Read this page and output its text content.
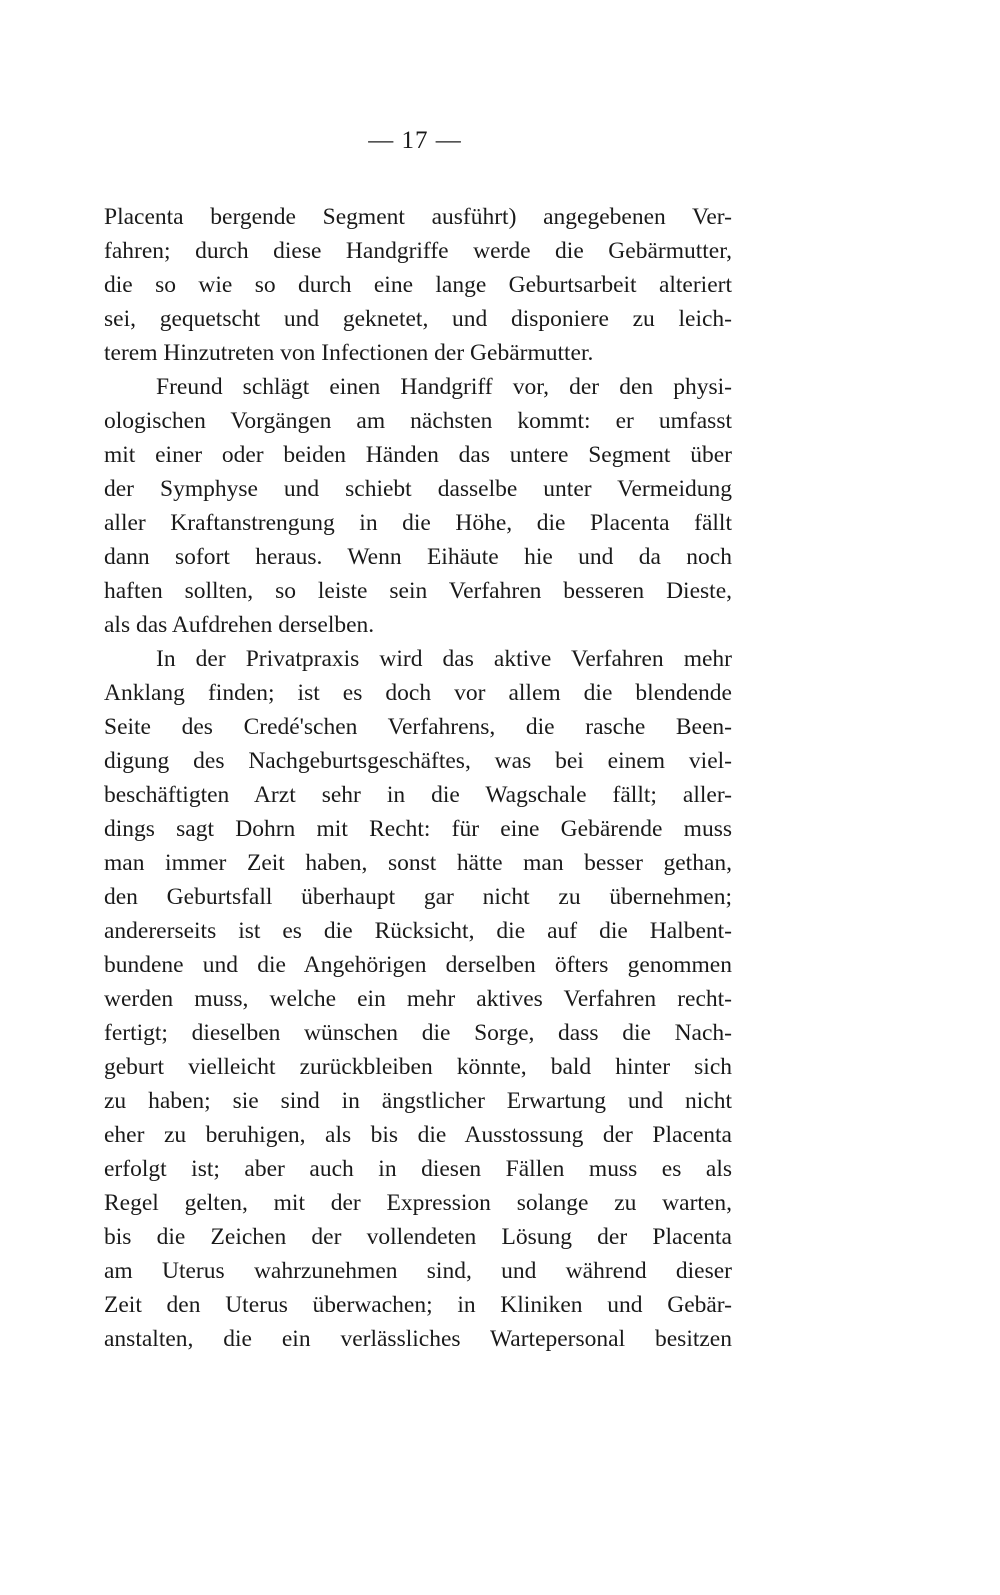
— 17 —
Placenta bergende Segment ausführt) angegebenen Ver-
fahren; durch diese Handgriffe werde die Gebärmutter,
die so wie so durch eine lange Geburtsarbeit alteriert
sei, gequetscht und geknetet, und disponiere zu leich-
terem Hinzutreten von Infectionen der Gebärmutter.
Freund schlägt einen Handgriff vor, der den physi-
ologischen Vorgängen am nächsten kommt: er umfasst
mit einer oder beiden Händen das untere Segment über
der Symphyse und schiebt dasselbe unter Vermeidung
aller Kraftanstrengung in die Höhe, die Placenta fällt
dann sofort heraus. Wenn Eihäute hie und da noch
haften sollten, so leiste sein Verfahren besseren Dieste,
als das Aufdrehen derselben.
In der Privatpraxis wird das aktive Verfahren mehr
Anklang finden; ist es doch vor allem die blendende
Seite des Credé'schen Verfahrens, die rasche Been-
digung des Nachgeburtsgeschäftes, was bei einem viel-
beschäftigten Arzt sehr in die Wagschale fällt; aller-
dings sagt Dohrn mit Recht: für eine Gebärende muss
man immer Zeit haben, sonst hätte man besser gethan,
den Geburtsfall überhaupt gar nicht zu übernehmen;
andererseits ist es die Rücksicht, die auf die Halbent-
bundene und die Angehörigen derselben öfters genommen
werden muss, welche ein mehr aktives Verfahren recht-
fertigt; dieselben wünschen die Sorge, dass die Nach-
geburt vielleicht zurückbleiben könnte, bald hinter sich
zu haben; sie sind in ängstlicher Erwartung und nicht
eher zu beruhigen, als bis die Ausstossung der Placenta
erfolgt ist; aber auch in diesen Fällen muss es als
Regel gelten, mit der Expression solange zu warten,
bis die Zeichen der vollendeten Lösung der Placenta
am Uterus wahrzunehmen sind, und während dieser
Zeit den Uterus überwachen; in Kliniken und Gebär-
anstalten, die ein verlässliches Wartepersonal besitzen
